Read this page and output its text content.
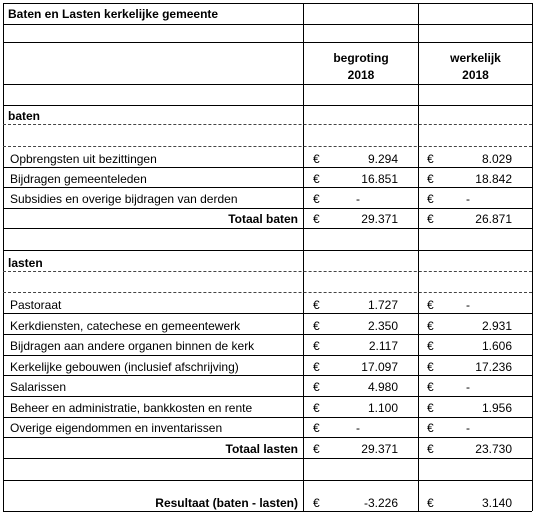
Baten en Lasten kerkelijke gemeente
begroting
2018
werkelijk
2018
baten
Opbrengsten uit bezittingen	€	9.294 €	8.029
Bijdragen gemeenteleden	€	16.851 €	18.842
Subsidies en overige bijdragen van derden	€	-	€	-
Totaal baten €	29.371 €	26.871
lasten
Pastoraat	€	1.727 €	-
Kerkdiensten, catechese en gemeentewerk	€	2.350 €	2.931
Bijdragen aan andere organen binnen de kerk	€	2.117 €	1.606
Kerkelijke gebouwen (inclusief afschrijving)	€	17.097 €	17.236
Salarissen	€	4.980 €	-
Beheer en administratie, bankkosten en rente	€	1.100 €	1.956
Overige eigendommen en inventarissen	€	-	€	-
Totaal lasten €	29.371 €	23.730
Resultaat (baten - lasten) €	-3.226 €	3.140
